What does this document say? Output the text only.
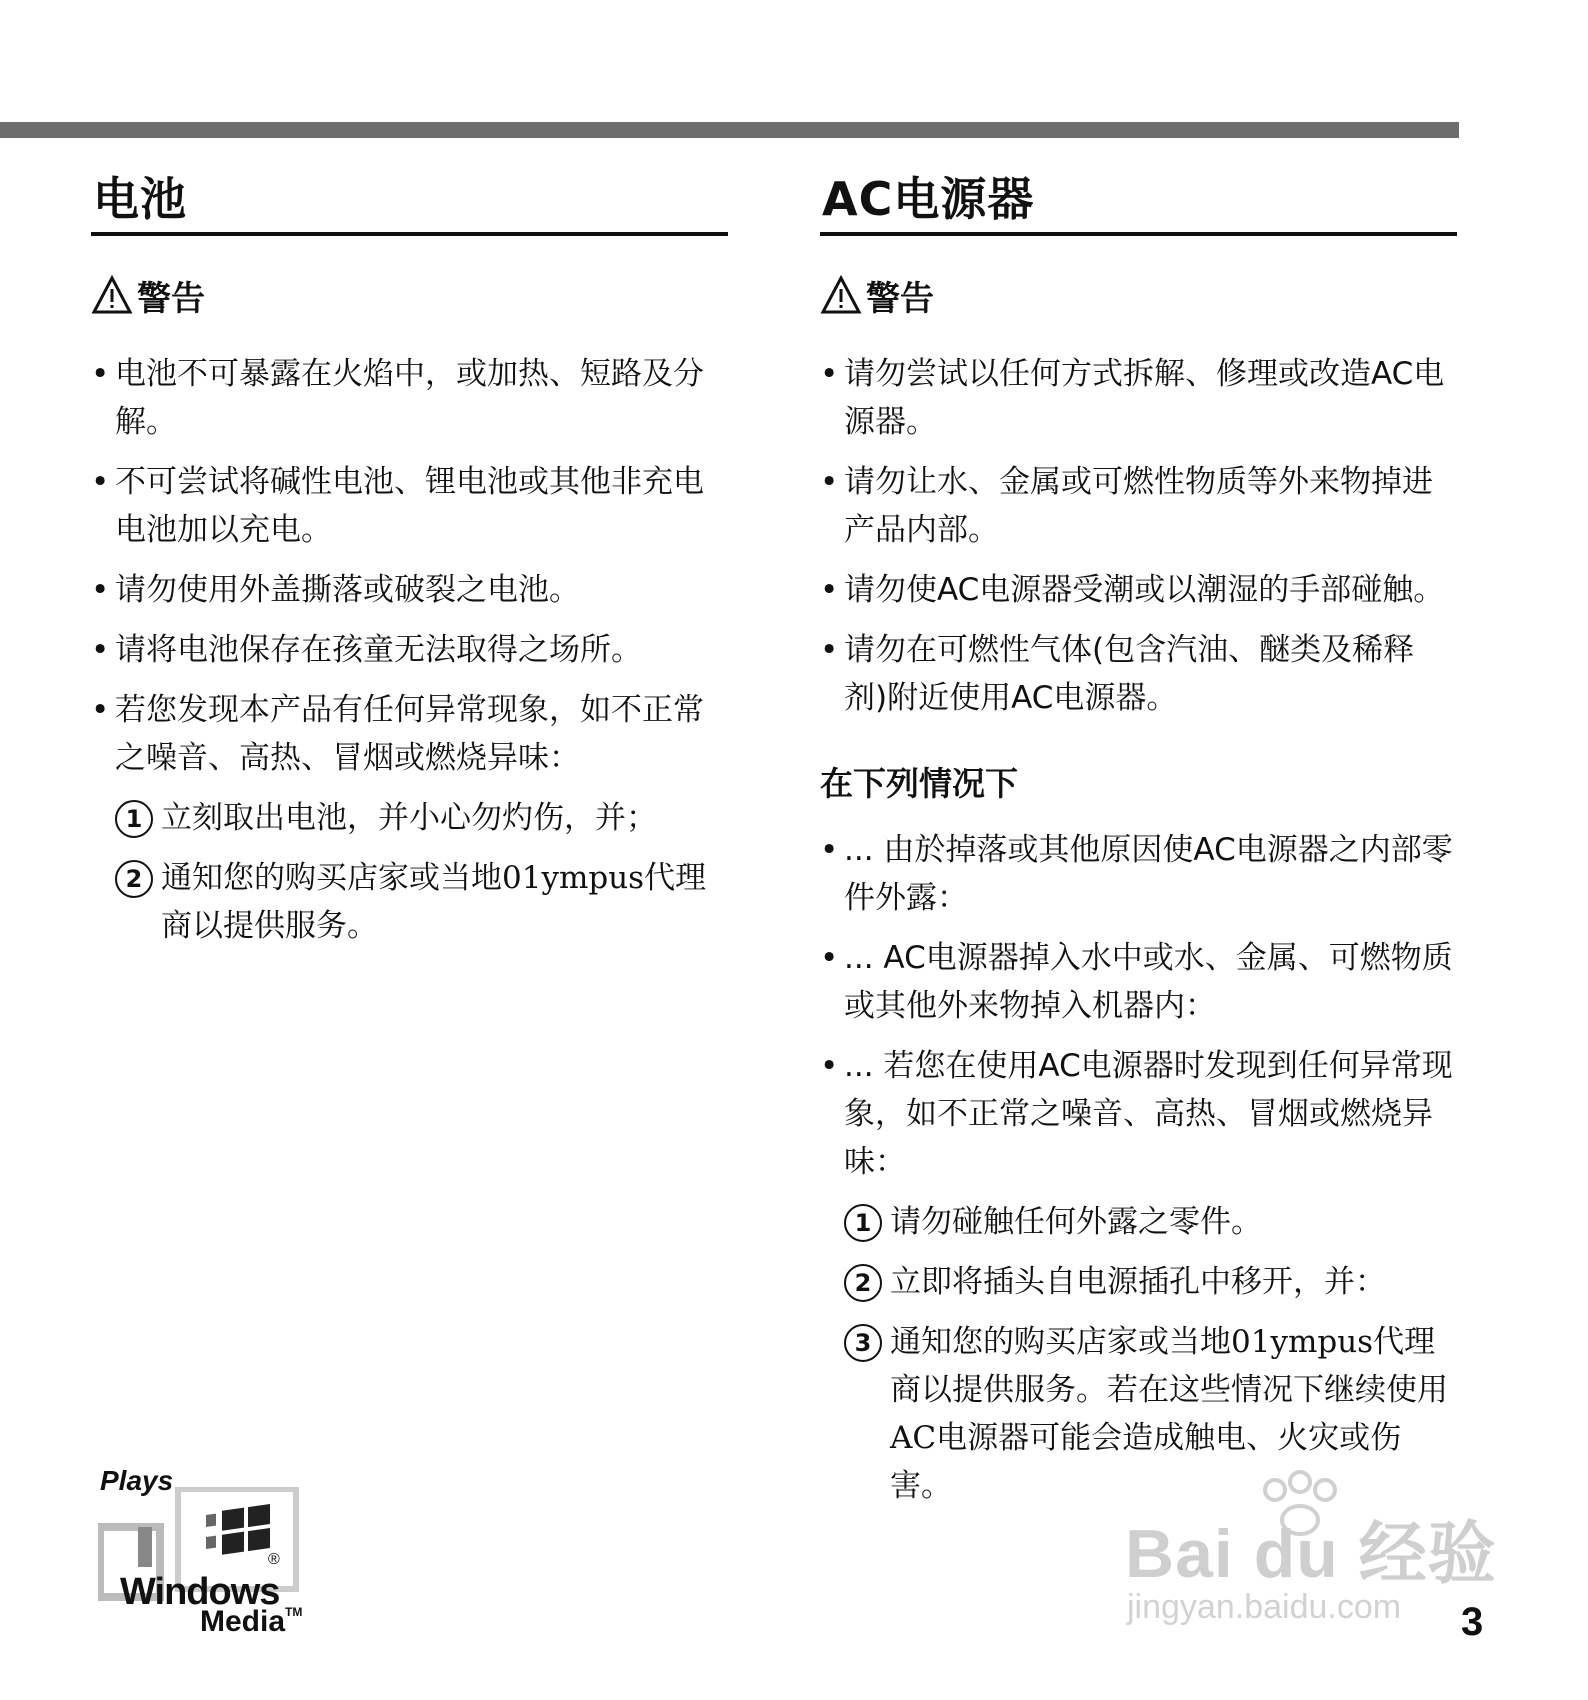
电池
警告
• 电池不可暴露在火焰中，或加热、短路及分解。
• 不可尝试将碱性电池、锂电池或其他非充电电池加以充电。
• 请勿使用外盖撕落或破裂之电池。
• 请将电池保存在孩童无法取得之场所。
• 若您发现本产品有任何异常现象，如不正常之噪音、高热、冒烟或燃烧异味：
1 立刻取出电池，并小心勿灼伤，并；
2 通知您的购买店家或当地01ympus代理商以提供服务。
AC电源器
警告
• 请勿尝试以任何方式拆解、修理或改造AC电源器。
• 请勿让水、金属或可燃性物质等外来物掉进产品内部。
• 请勿使AC电源器受潮或以潮湿的手部碰触。
• 请勿在可燃性气体(包含汽油、醚类及稀释剂)附近使用AC电源器。
在下列情况下
• ... 由於掉落或其他原因使AC电源器之内部零件外露：
• ... AC电源器掉入水中或水、金属、可燃物质或其他外来物掉入机器内：
• ... 若您在使用AC电源器时发现到任何异常现象，如不正常之噪音、高热、冒烟或燃烧异味：
1 请勿碰触任何外露之零件。
2 立即将插头自电源插孔中移开，并：
3 通知您的购买店家或当地01ympus代理商以提供服务。若在这些情况下继续使用AC电源器可能会造成触电、火灾或伤害。
Plays
®
Windows
Media™
Bai du 经验
jingyan.baidu.com 3
